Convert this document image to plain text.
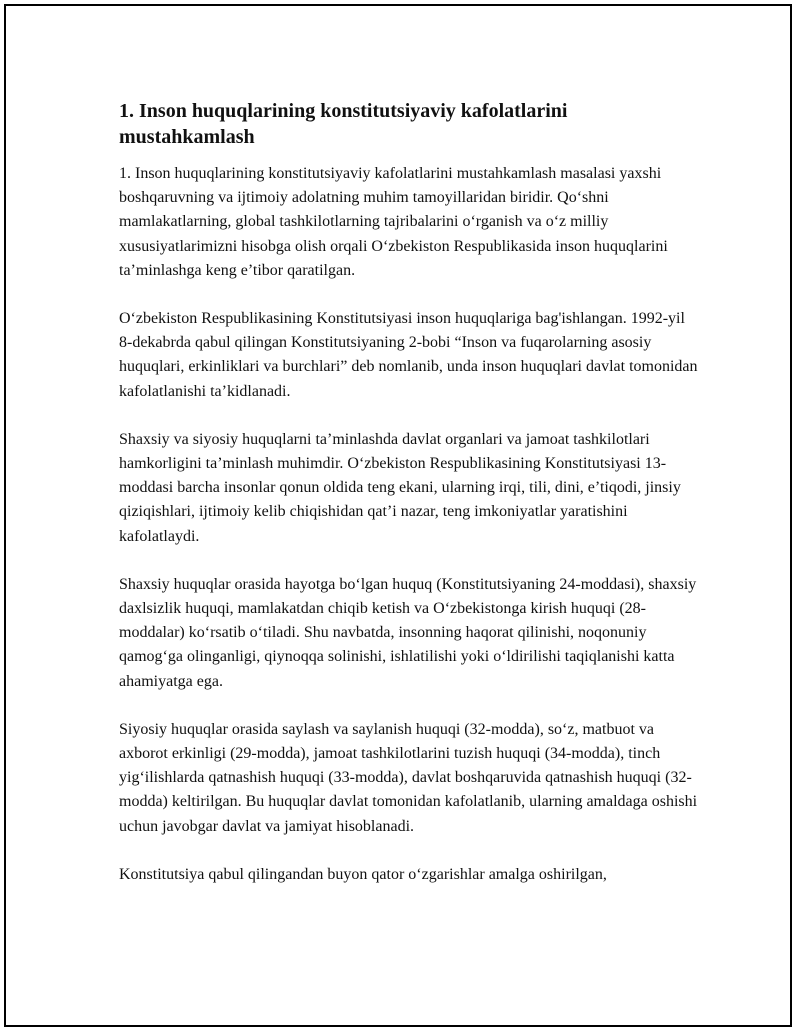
1. Inson huquqlarining konstitutsiyaviy kafolatlarini mustahkamlash

1. Inson huquqlarining konstitutsiyaviy kafolatlarini mustahkamlash masalasi yaxshi boshqaruvning va ijtimoiy adolatning muhim tamoyillaridan biridir. Qo‘shni mamlakatlarning, global tashkilotlarning tajribalarini o‘rganish va o‘z milliy xususiyatlarimizni hisobga olish orqali O‘zbekiston Respublikasida inson huquqlarini ta’minlashga keng e’tibor qaratilgan.

O‘zbekiston Respublikasining Konstitutsiyasi inson huquqlariga bag'ishlangan. 1992-yil 8-dekabrda qabul qilingan Konstitutsiyaning 2-bobi “Inson va fuqarolarning asosiy huquqlari, erkinliklari va burchlari” deb nomlanib, unda inson huquqlari davlat tomonidan kafolatlanishi ta’kidlanadi.

Shaxsiy va siyosiy huquqlarni ta’minlashda davlat organlari va jamoat tashkilotlari hamkorligini ta’minlash muhimdir. O‘zbekiston Respublikasining Konstitutsiyasi 13-moddasi barcha insonlar qonun oldida teng ekani, ularning irqi, tili, dini, e’tiqodi, jinsiy qiziqishlari, ijtimoiy kelib chiqishidan qat’i nazar, teng imkoniyatlar yaratishini kafolatlaydi.

Shaxsiy huquqlar orasida hayotga bo‘lgan huquq (Konstitutsiyaning 24-moddasi), shaxsiy daxlsizlik huquqi, mamlakatdan chiqib ketish va O‘zbekistonga kirish huquqi (28-moddalar) ko‘rsatib o‘tiladi. Shu navbatda, insonning haqorat qilinishi, noqonuniy qamog‘ga olinganligi, qiynoqqa solinishi, ishlatilishi yoki o‘ldirilishi taqiqlanishi katta ahamiyatga ega.

Siyosiy huquqlar orasida saylash va saylanish huquqi (32-modda), so‘z, matbuot va axborot erkinligi (29-modda), jamoat tashkilotlarini tuzish huquqi (34-modda), tinch yig‘ilishlarda qatnashish huquqi (33-modda), davlat boshqaruvida qatnashish huquqi (32-modda) keltirilgan. Bu huquqlar davlat tomonidan kafolatlanib, ularning amaldaga oshishi uchun javobgar davlat va jamiyat hisoblanadi.

Konstitutsiya qabul qilingandan buyon qator o‘zgarishlar amalga oshirilgan,
